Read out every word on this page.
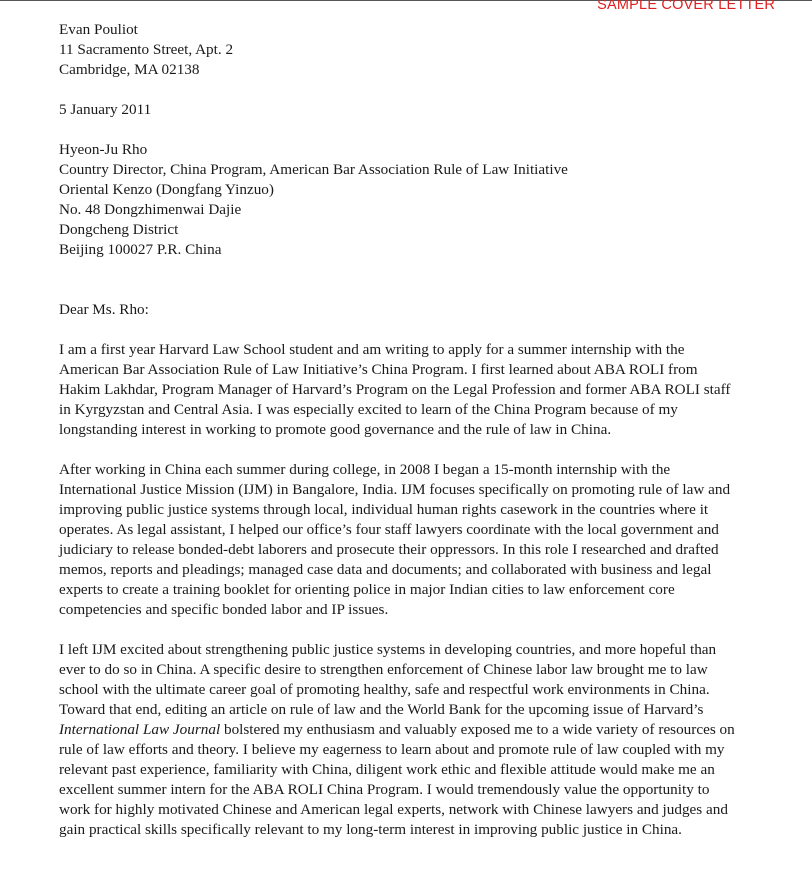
SAMPLE COVER LETTER
Evan Pouliot
11 Sacramento Street, Apt. 2
Cambridge, MA 02138
5 January 2011
Hyeon-Ju Rho
Country Director, China Program, American Bar Association Rule of Law Initiative
Oriental Kenzo (Dongfang Yinzuo)
No. 48 Dongzhimenwai Dajie
Dongcheng District
Beijing 100027 P.R. China
Dear Ms. Rho:
I am a first year Harvard Law School student and am writing to apply for a summer internship with the
American Bar Association Rule of Law Initiative’s China Program. I first learned about ABA ROLI from
Hakim Lakhdar, Program Manager of Harvard’s Program on the Legal Profession and former ABA ROLI staff
in Kyrgyzstan and Central Asia. I was especially excited to learn of the China Program because of my
longstanding interest in working to promote good governance and the rule of law in China.
After working in China each summer during college, in 2008 I began a 15-month internship with the
International Justice Mission (IJM) in Bangalore, India. IJM focuses specifically on promoting rule of law and
improving public justice systems through local, individual human rights casework in the countries where it
operates. As legal assistant, I helped our office’s four staff lawyers coordinate with the local government and
judiciary to release bonded-debt laborers and prosecute their oppressors. In this role I researched and drafted
memos, reports and pleadings; managed case data and documents; and collaborated with business and legal
experts to create a training booklet for orienting police in major Indian cities to law enforcement core
competencies and specific bonded labor and IP issues.
I left IJM excited about strengthening public justice systems in developing countries, and more hopeful than
ever to do so in China. A specific desire to strengthen enforcement of Chinese labor law brought me to law
school with the ultimate career goal of promoting healthy, safe and respectful work environments in China.
Toward that end, editing an article on rule of law and the World Bank for the upcoming issue of Harvard’s
International Law Journal bolstered my enthusiasm and valuably exposed me to a wide variety of resources on
rule of law efforts and theory. I believe my eagerness to learn about and promote rule of law coupled with my
relevant past experience, familiarity with China, diligent work ethic and flexible attitude would make me an
excellent summer intern for the ABA ROLI China Program. I would tremendously value the opportunity to
work for highly motivated Chinese and American legal experts, network with Chinese lawyers and judges and
gain practical skills specifically relevant to my long-term interest in improving public justice in China.
